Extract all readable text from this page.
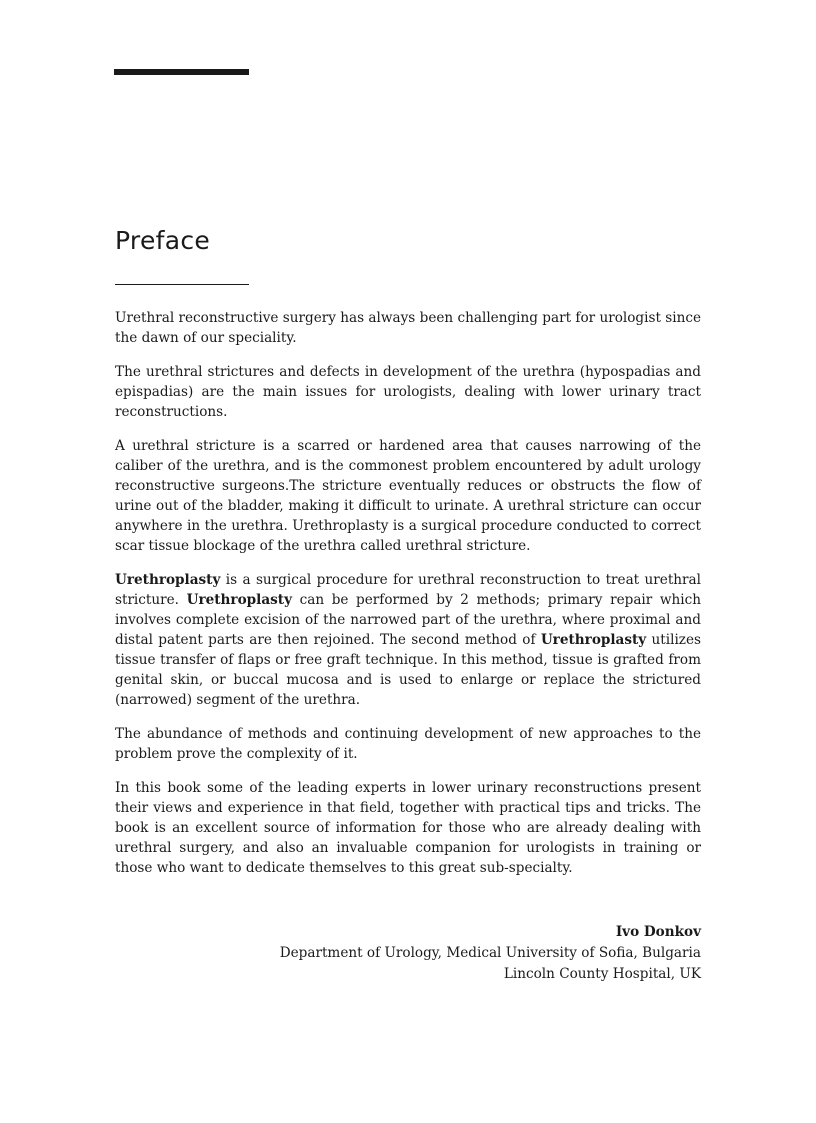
Preface

Urethral reconstructive surgery has always been challenging part for urologist since the dawn of our speciality.

The urethral strictures and defects in development of the urethra (hypospadias and epispadias) are the main issues for urologists, dealing with lower urinary tract reconstructions.

A urethral stricture is a scarred or hardened area that causes narrowing of the caliber of the urethra, and is the commonest problem encountered by adult urology reconstructive surgeons.The stricture eventually reduces or obstructs the flow of urine out of the bladder, making it difficult to urinate. A urethral stricture can occur anywhere in the urethra. Urethroplasty is a surgical procedure conducted to correct scar tissue blockage of the urethra called urethral stricture.

Urethroplasty is a surgical procedure for urethral reconstruction to treat urethral stricture. Urethroplasty can be performed by 2 methods; primary repair which involves complete excision of the narrowed part of the urethra, where proximal and distal patent parts are then rejoined. The second method of Urethroplasty utilizes tissue transfer of flaps or free graft technique. In this method, tissue is grafted from genital skin, or buccal mucosa and is used to enlarge or replace the strictured (narrowed) segment of the urethra.

The abundance of methods and continuing development of new approaches to the problem prove the complexity of it.

In this book some of the leading experts in lower urinary reconstructions present their views and experience in that field, together with practical tips and tricks. The book is an excellent source of information for those who are already dealing with urethral surgery, and also an invaluable companion for urologists in training or those who want to dedicate themselves to this great sub-specialty.

Ivo Donkov
Department of Urology, Medical University of Sofia, Bulgaria
Lincoln County Hospital, UK
